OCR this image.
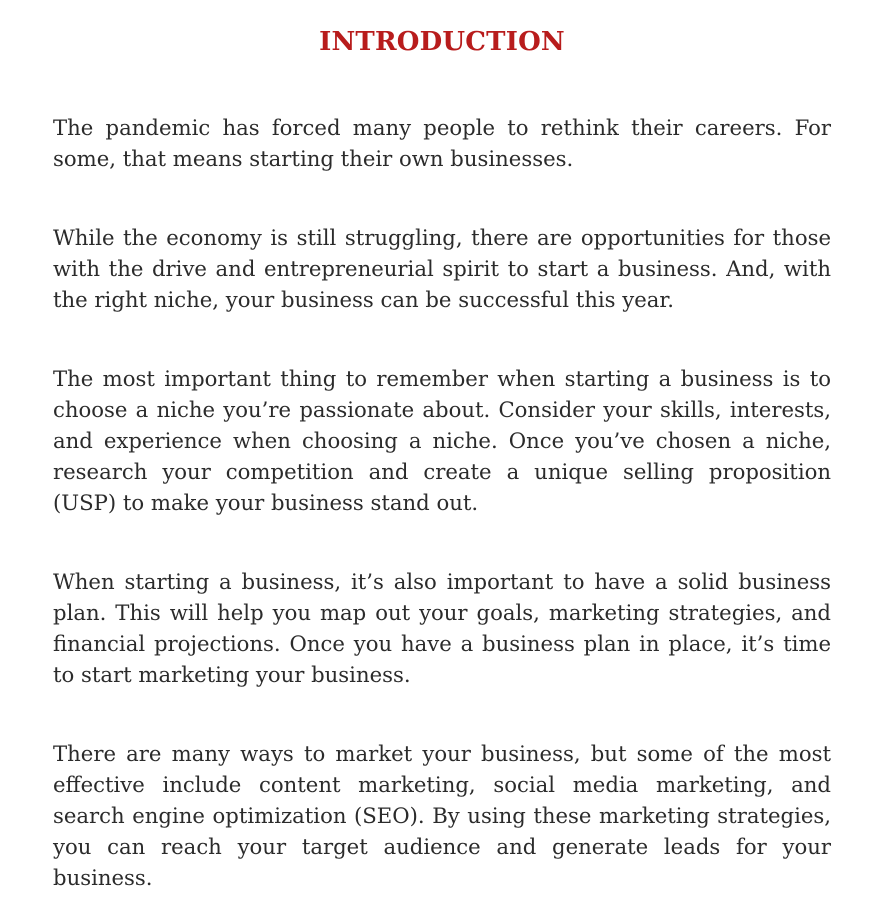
INTRODUCTION

The pandemic has forced many people to rethink their careers. For some, that means starting their own businesses.

While the economy is still struggling, there are opportunities for those with the drive and entrepreneurial spirit to start a business. And, with the right niche, your business can be successful this year.

The most important thing to remember when starting a business is to choose a niche you’re passionate about. Consider your skills, interests, and experience when choosing a niche. Once you’ve chosen a niche, research your competition and create a unique selling proposition (USP) to make your business stand out.

When starting a business, it’s also important to have a solid business plan. This will help you map out your goals, marketing strategies, and financial projections. Once you have a business plan in place, it’s time to start marketing your business.

There are many ways to market your business, but some of the most effective include content marketing, social media marketing, and search engine optimization (SEO). By using these marketing strategies, you can reach your target audience and generate leads for your business.
